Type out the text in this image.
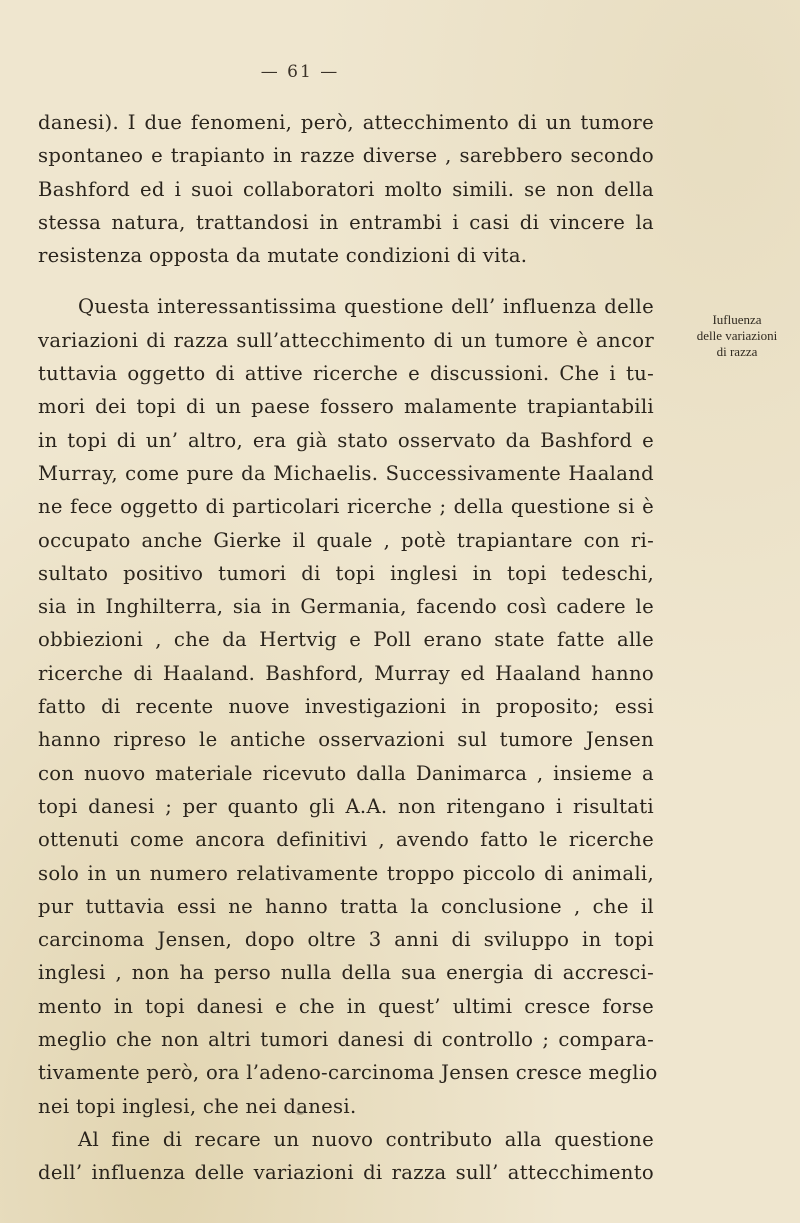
— 61 —
danesi). I due fenomeni, però, attecchimento di un tumore
spontaneo e trapianto in razze diverse , sarebbero secondo
Bashford ed i suoi collaboratori molto simili. se non della
stessa natura, trattandosi in entrambi i casi di vincere la
resistenza opposta da mutate condizioni di vita.
Questa interessantissima questione dell’ influenza delle
variazioni di razza sull’attecchimento di un tumore è ancor
tuttavia oggetto di attive ricerche e discussioni. Che i tu-
mori dei topi di un paese fossero malamente trapiantabili
in topi di un’ altro, era già stato osservato da Bashford e
Murray, come pure da Michaelis. Successivamente Haaland
ne fece oggetto di particolari ricerche ; della questione si è
occupato anche Gierke il quale , potè trapiantare con ri-
sultato positivo tumori di topi inglesi in topi tedeschi,
sia in Inghilterra, sia in Germania, facendo così cadere le
obbiezioni , che da Hertvig e Poll erano state fatte alle
ricerche di Haaland. Bashford, Murray ed Haaland hanno
fatto di recente nuove investigazioni in proposito; essi
hanno ripreso le antiche osservazioni sul tumore Jensen
con nuovo materiale ricevuto dalla Danimarca , insieme a
topi danesi ; per quanto gli A.A. non ritengano i risultati
ottenuti come ancora definitivi , avendo fatto le ricerche
solo in un numero relativamente troppo piccolo di animali,
pur tuttavia essi ne hanno tratta la conclusione , che il
carcinoma Jensen, dopo oltre 3 anni di sviluppo in topi
inglesi , non ha perso nulla della sua energia di accresci-
mento in topi danesi e che in quest’ ultimi cresce forse
meglio che non altri tumori danesi di controllo ; compara-
tivamente però, ora l’adeno-carcinoma Jensen cresce meglio
nei topi inglesi, che nei danesi.
Al fine di recare un nuovo contributo alla questione
dell’ influenza delle variazioni di razza sull’ attecchimento
Iufluenza
delle variazioni
di razza
